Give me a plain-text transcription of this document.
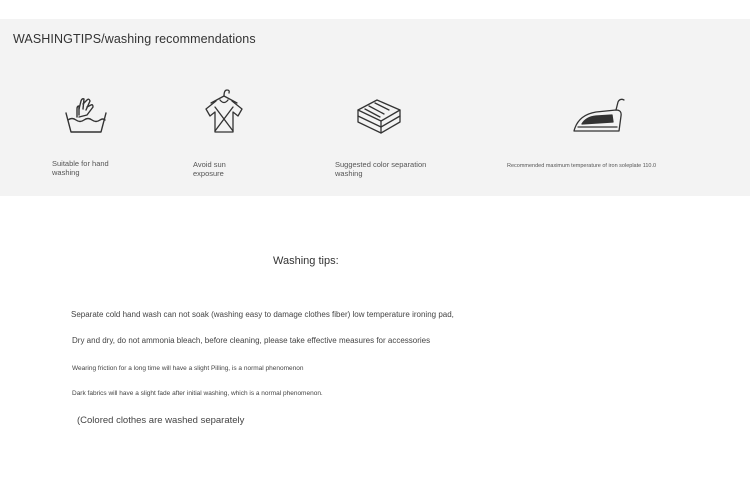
WASHINGTIPS/washing recommendations
Suitable for hand
washing
Avoid sun
exposure
Suggested color separation
washing
Recommended maximum temperature of iron soleplate 110.0
Washing tips:
Separate cold hand wash can not soak (washing easy to damage clothes fiber) low temperature ironing pad,
Dry and dry, do not ammonia bleach, before cleaning, please take effective measures for accessories
Wearing friction for a long time will have a slight Pilling, is a normal phenomenon
Dark fabrics will have a slight fade after initial washing, which is a normal phenomenon.
(Colored clothes are washed separately
